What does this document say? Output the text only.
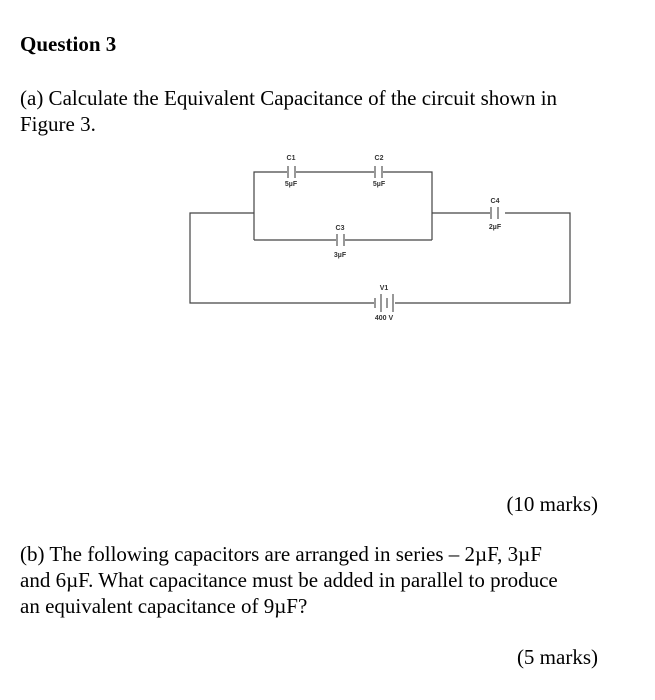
Question 3
(a) Calculate the Equivalent Capacitance of the circuit shown in
Figure 3.
C1
5µF
C2
5µF
C3
3µF
C4
2µF
V1
400 V
(10 marks)
(b) The following capacitors are arranged in series – 2µF, 3µF
and 6µF. What capacitance must be added in parallel to produce
an equivalent capacitance of 9µF?
(5 marks)
